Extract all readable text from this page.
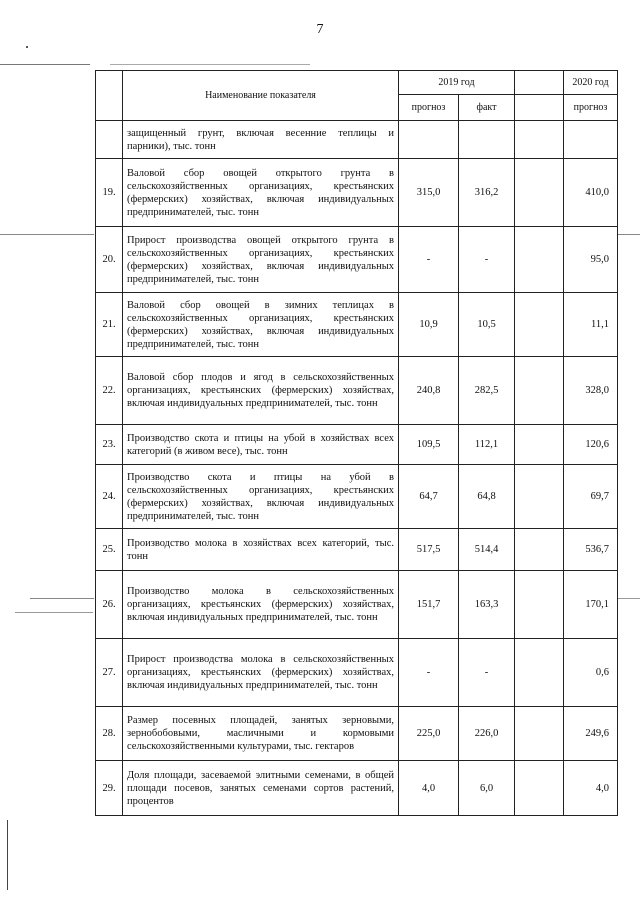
7
	Наименование показателя	2019 год			2020 год
		прогноз	факт		прогноз
	защищенный грунт, включая весенние теплицы и парники), тыс. тонн				
19.	Валовой сбор овощей открытого грунта в сельскохозяйственных организациях, крестьянских (фермерских) хозяйствах, включая индивидуальных предпринимателей, тыс. тонн	315,0	316,2		410,0
20.	Прирост производства овощей открытого грунта в сельскохозяйственных организациях, крестьянских (фермерских) хозяйствах, включая индивидуальных предпринимателей, тыс. тонн	-	-		95,0
21.	Валовой сбор овощей в зимних теплицах в сельскохозяйственных организациях, крестьянских (фермерских) хозяйствах, включая индивидуальных предпринимателей, тыс. тонн	10,9	10,5		11,1
22.	Валовой сбор плодов и ягод в сельскохозяйственных организациях, крестьянских (фермерских) хозяйствах, включая индивидуальных предпринимателей, тыс. тонн	240,8	282,5		328,0
23.	Производство скота и птицы на убой в хозяйствах всех категорий (в живом весе), тыс. тонн	109,5	112,1		120,6
24.	Производство скота и птицы на убой в сельскохозяйственных организациях, крестьянских (фермерских) хозяйствах, включая индивидуальных предпринимателей, тыс. тонн	64,7	64,8		69,7
25.	Производство молока в хозяйствах всех категорий, тыс. тонн	517,5	514,4		536,7
26.	Производство молока в сельскохозяйственных организациях, крестьянских (фермерских) хозяйствах, включая индивидуальных предпринимателей, тыс. тонн	151,7	163,3		170,1
27.	Прирост производства молока в сельскохозяйственных организациях, крестьянских (фермерских) хозяйствах, включая индивидуальных предпринимателей, тыс. тонн	-	-		0,6
28.	Размер посевных площадей, занятых зерновыми, зернобобовыми, масличными и кормовыми сельскохозяйственными культурами, тыс. гектаров	225,0	226,0		249,6
29.	Доля площади, засеваемой элитными семенами, в общей площади посевов, занятых семенами сортов растений, процентов	4,0	6,0		4,0
